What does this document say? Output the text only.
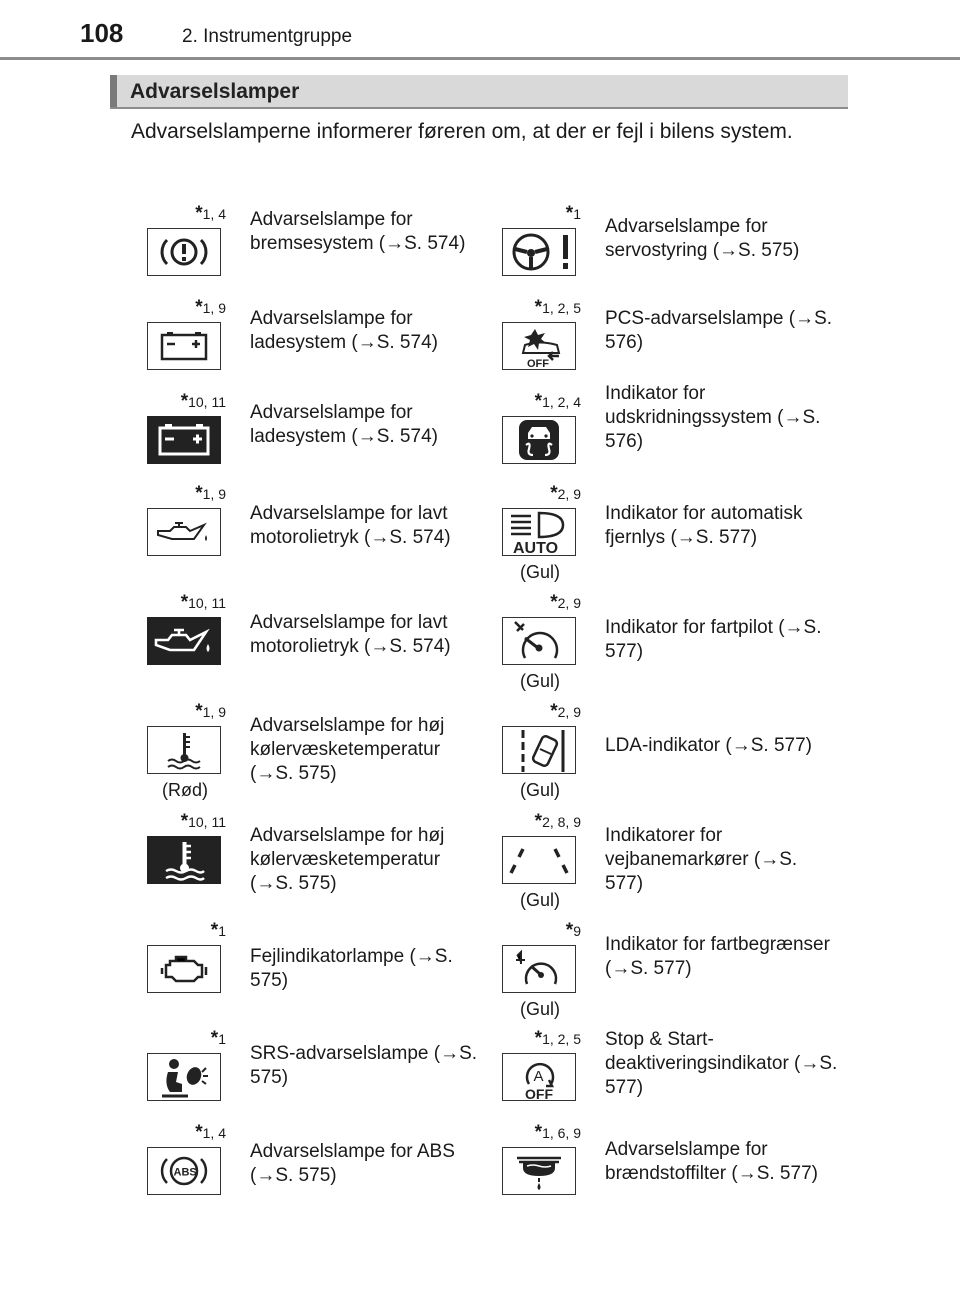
108	2. Instrumentgruppe
Advarselslamper
Advarselslamperne informerer føreren om, at der er fejl i bilens system.
*1, 4 Advarselslampe for bremsesystem (→S. 574)
*1
Advarselslampe for servostyring (→S. 575)
*1, 9 Advarselslampe for ladesystem (→S. 574)
*1, 2, 5
OFF
PCS-advarselslampe (→S. 576)
*10, 11 Advarselslampe for ladesystem (→S. 574)
*1, 2, 4 Indikator for udskridningssystem (→S. 576)
*1, 9
Advarselslampe for lavt motorolietryk (→S. 574)
*2, 9
AUTO
(Gul)
Indikator for automatisk fjernlys (→S. 577)
*10, 11
Advarselslampe for lavt motorolietryk (→S. 574)
*2, 9
(Gul)
Indikator for fartpilot (→S. 577)
*1, 9
(Rød)
Advarselslampe for høj kølervæsketemperatur (→S. 575)
*2, 9
(Gul)
LDA-indikator (→S. 577)
*10, 11
Advarselslampe for høj kølervæsketemperatur (→S. 575)
*2, 8, 9
(Gul)
Indikatorer for vejbanemarkører (→S. 577)
*1
Fejlindikatorlampe (→S. 575)
*9
(Gul)
Indikator for fartbegrænser (→S. 577)
*1
SRS-advarselslampe (→S. 575)
*1, 2, 5
A
OFF
Stop & Start-deaktiveringsindikator (→S. 577)
*1, 4
ABS
Advarselslampe for ABS (→S. 575)
*1, 6, 9
Advarselslampe for brændstoffilter (→S. 577)
